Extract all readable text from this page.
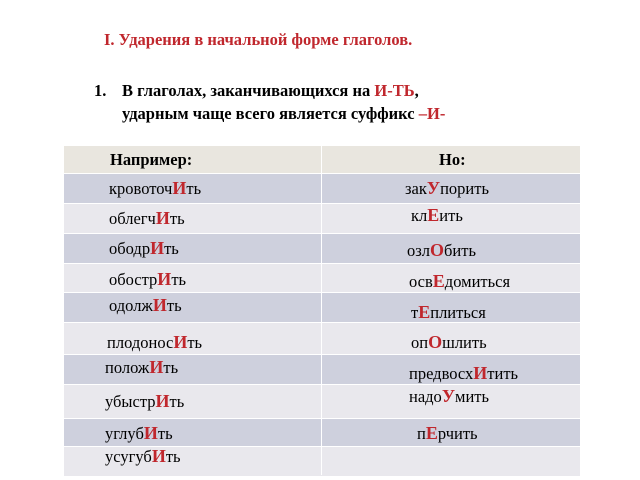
I. Ударения в начальной форме глаголов.
1. В глаголах, заканчивающихся на И-ТЬ,
ударным чаще всего является суффикс –И-
Например:	Но:
кровоточИть
облегчИть
ободрИть
обострИть
одолжИть
плодоносИть
положИть
убыстрИть
углубИть
усугубИть
закУпорить
клЕить
озлОбить
освЕдомиться
тЕплиться
опОшлить
предвосхИтить
надоУмить
пЕрчить
